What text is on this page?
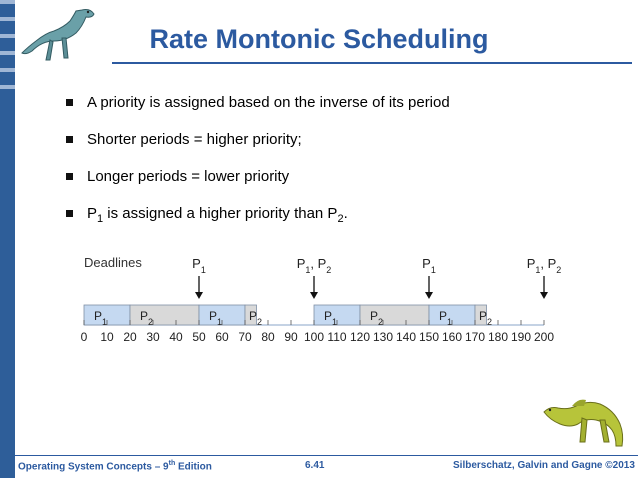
Rate Montonic Scheduling
A priority is assigned based on the inverse of its period
Shorter periods = higher priority;
Longer periods = lower priority
$P_1$ is assigned a higher priority than $P_2$.
Deadlines
$P_1$	$P_2$	$P_1$ $P_2$	$P_1$	$P_2$	$P_1$ $P_2$
0 10 20 30 40 50 60 70 80 90 100 110 120 130 140 150 160 170 180 190 200
$P_1$	$P_1$, $P_2$	$P_1$	$P_1$, $P_2$
Operating System Concepts – 9th Edition	6.41	Silberschatz, Galvin and Gagne ©2013
